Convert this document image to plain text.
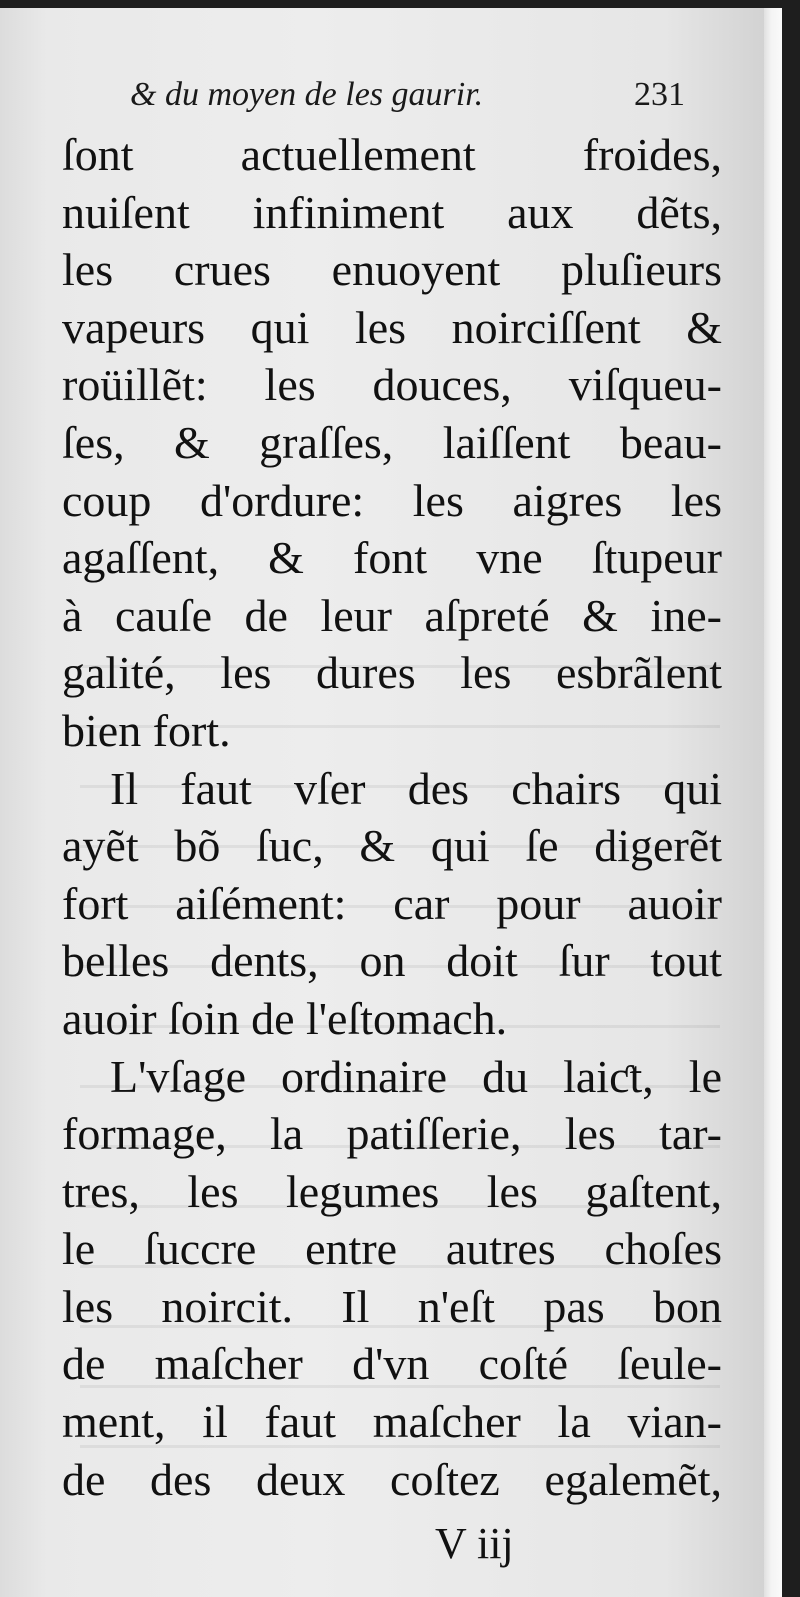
& du moyen de les gaurir.	231
ſont actuellement froides,
nuiſent infiniment aux dẽts,
les crues enuoyent pluſieurs
vapeurs qui les noirciſſent &
roüillẽt: les douces, viſqueu-
ſes, & graſſes, laiſſent beau-
coup d'ordure: les aigres les
agaſſent, & font vne ſtupeur
à cauſe de leur aſpreté & ine-
galité, les dures les esbrãlent
bien fort.
Il faut vſer des chairs qui
ayẽt bõ ſuc, & qui ſe digerẽt
fort aiſément: car pour auoir
belles dents, on doit ſur tout
auoir ſoin de l'eſtomach.
L'vſage ordinaire du laiƈt, le
formage, la patiſſerie, les tar-
tres, les legumes les gaſtent,
le ſuccre entre autres choſes
les noircit. Il n'eſt pas bon
de maſcher d'vn coſté ſeule-
ment, il faut maſcher la vian-
de des deux coſtez egalemẽt,
V iij
